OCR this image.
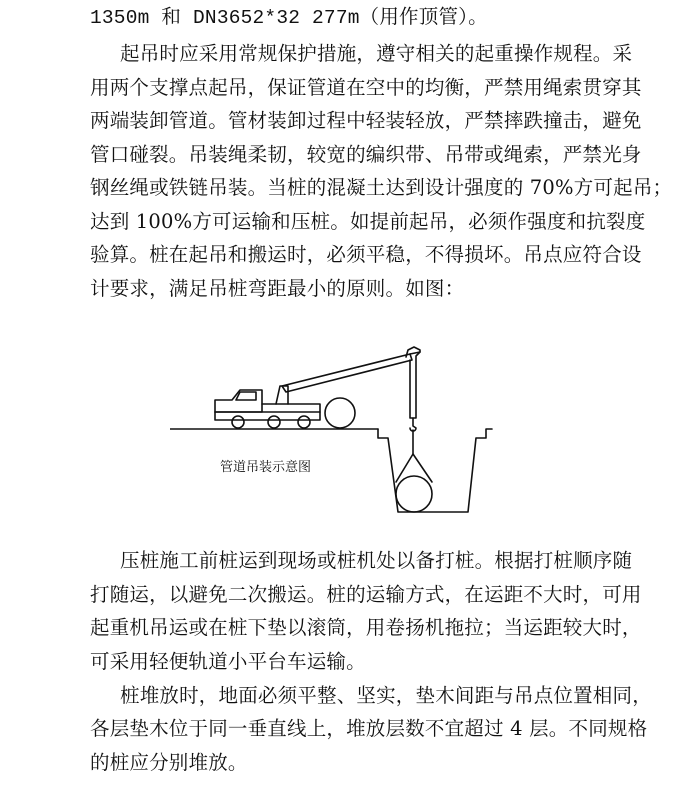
1350m 和 DN3652*32 277m（用作顶管）。
起吊时应采用常规保护措施，遵守相关的起重操作规程。采
用两个支撑点起吊，保证管道在空中的均衡，严禁用绳索贯穿其
两端装卸管道。管材装卸过程中轻装轻放，严禁摔跌撞击，避免
管口碰裂。吊装绳柔韧，较宽的编织带、吊带或绳索，严禁光身
钢丝绳或铁链吊装。当桩的混凝土达到设计强度的 70%方可起吊；
达到 100%方可运输和压桩。如提前起吊，必须作强度和抗裂度
验算。桩在起吊和搬运时，必须平稳，不得损坏。吊点应符合设
计要求，满足吊桩弯距最小的原则。如图：
管道吊装示意图
压桩施工前桩运到现场或桩机处以备打桩。根据打桩顺序随
打随运，以避免二次搬运。桩的运输方式，在运距不大时，可用
起重机吊运或在桩下垫以滚筒，用卷扬机拖拉；当运距较大时，
可采用轻便轨道小平台车运输。
桩堆放时，地面必须平整、坚实，垫木间距与吊点位置相同，
各层垫木位于同一垂直线上，堆放层数不宜超过 4 层。不同规格
的桩应分别堆放。
